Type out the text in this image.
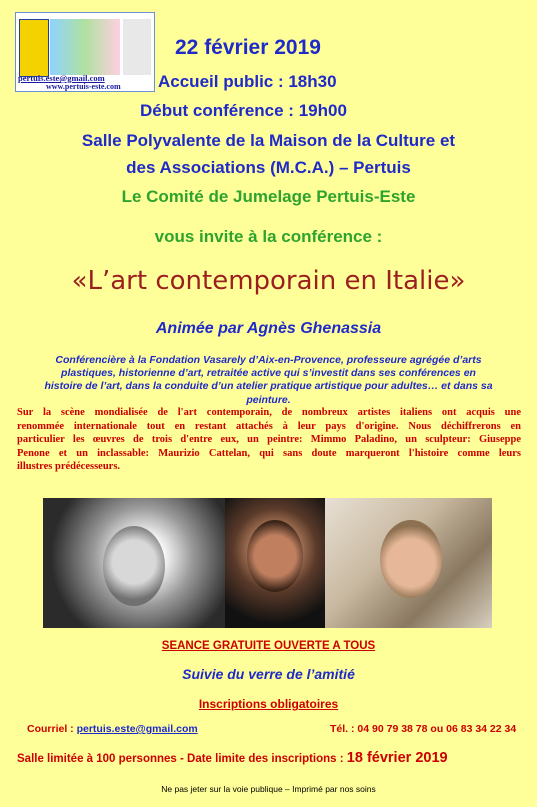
pertuis.este@gmail.com
www.pertuis-este.com
22 février 2019
Accueil public : 18h30
Début conférence : 19h00
Salle Polyvalente de la Maison de la Culture et
des Associations (M.C.A.) – Pertuis
Le Comité de Jumelage Pertuis-Este
vous invite à la conférence :
«L’art contemporain en Italie»
Animée par Agnès Ghenassia
Conférencière à la Fondation Vasarely d’Aix-en-Provence, professeure agrégée d’arts
plastiques, historienne d’art, retraitée active qui s’investit dans ses conférences en
histoire de l’art, dans la conduite d’un atelier pratique artistique pour adultes… et dans sa
peinture.
Sur la scène mondialisée de l'art contemporain, de nombreux artistes italiens ont acquis une
renommée internationale tout en restant attachés à leur pays d'origine. Nous déchiffrerons en
particulier les œuvres de trois d'entre eux, un peintre: Mimmo Paladino, un sculpteur: Giuseppe
Penone et un inclassable: Maurizio Cattelan, qui sans doute marqueront l'histoire comme leurs
illustres prédécesseurs.
SEANCE GRATUITE OUVERTE A TOUS
Suivie du verre de l’amitié
Inscriptions obligatoires
Courriel : pertuis.este@gmail.com	Tél. : 04 90 79 38 78 ou 06 83 34 22 34
Salle limitée à 100 personnes - Date limite des inscriptions : 18 février 2019
Ne pas jeter sur la voie publique – Imprimé par nos soins
